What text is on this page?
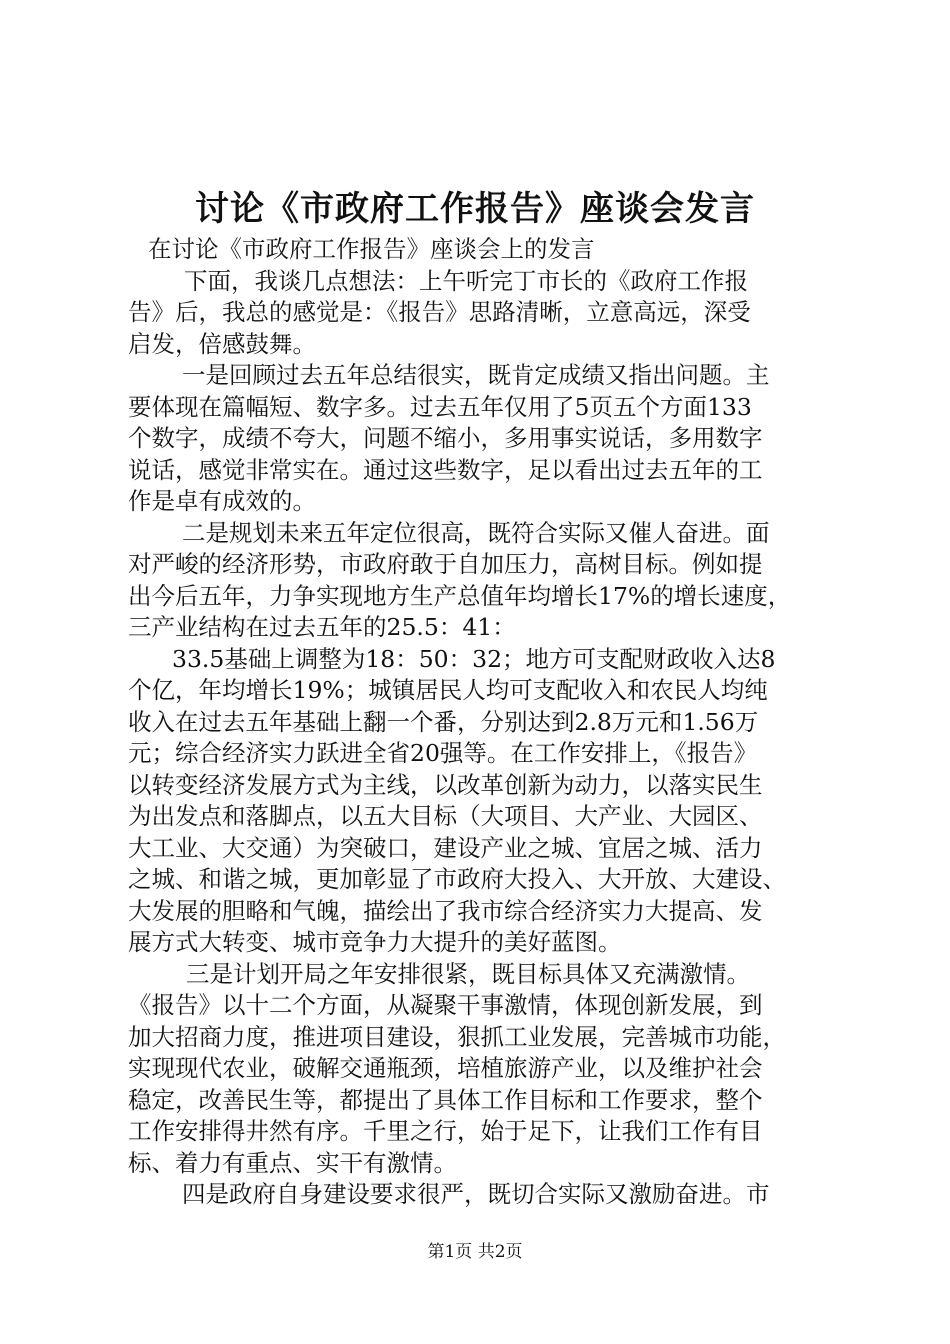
讨论《市政府工作报告》座谈会发言
在讨论《市政府工作报告》座谈会上的发言
下面，我谈几点想法：上午听完丁市长的《政府工作报
告》后，我总的感觉是：《报告》思路清晰，立意高远，深受
启发，倍感鼓舞。
一是回顾过去五年总结很实，既肯定成绩又指出问题。主
要体现在篇幅短、数字多。过去五年仅用了5页五个方面133
个数字，成绩不夸大，问题不缩小，多用事实说话，多用数字
说话，感觉非常实在。通过这些数字，足以看出过去五年的工
作是卓有成效的。
二是规划未来五年定位很高，既符合实际又催人奋进。面
对严峻的经济形势，市政府敢于自加压力，高树目标。例如提
出今后五年，力争实现地方生产总值年均增长17%的增长速度，
三产业结构在过去五年的25.5：41：
33.5基础上调整为18：50：32；地方可支配财政收入达8
个亿，年均增长19%；城镇居民人均可支配收入和农民人均纯
收入在过去五年基础上翻一个番，分别达到2.8万元和1.56万
元；综合经济实力跃进全省20强等。在工作安排上，《报告》
以转变经济发展方式为主线，以改革创新为动力，以落实民生
为出发点和落脚点，以五大目标（大项目、大产业、大园区、
大工业、大交通）为突破口，建设产业之城、宜居之城、活力
之城、和谐之城，更加彰显了市政府大投入、大开放、大建设、
大发展的胆略和气魄，描绘出了我市综合经济实力大提高、发
展方式大转变、城市竞争力大提升的美好蓝图。
三是计划开局之年安排很紧，既目标具体又充满激情。
《报告》以十二个方面，从凝聚干事激情，体现创新发展，到
加大招商力度，推进项目建设，狠抓工业发展，完善城市功能，
实现现代农业，破解交通瓶颈，培植旅游产业，以及维护社会
稳定，改善民生等，都提出了具体工作目标和工作要求，整个
工作安排得井然有序。千里之行，始于足下，让我们工作有目
标、着力有重点、实干有激情。
四是政府自身建设要求很严，既切合实际又激励奋进。市
第1页 共2页
